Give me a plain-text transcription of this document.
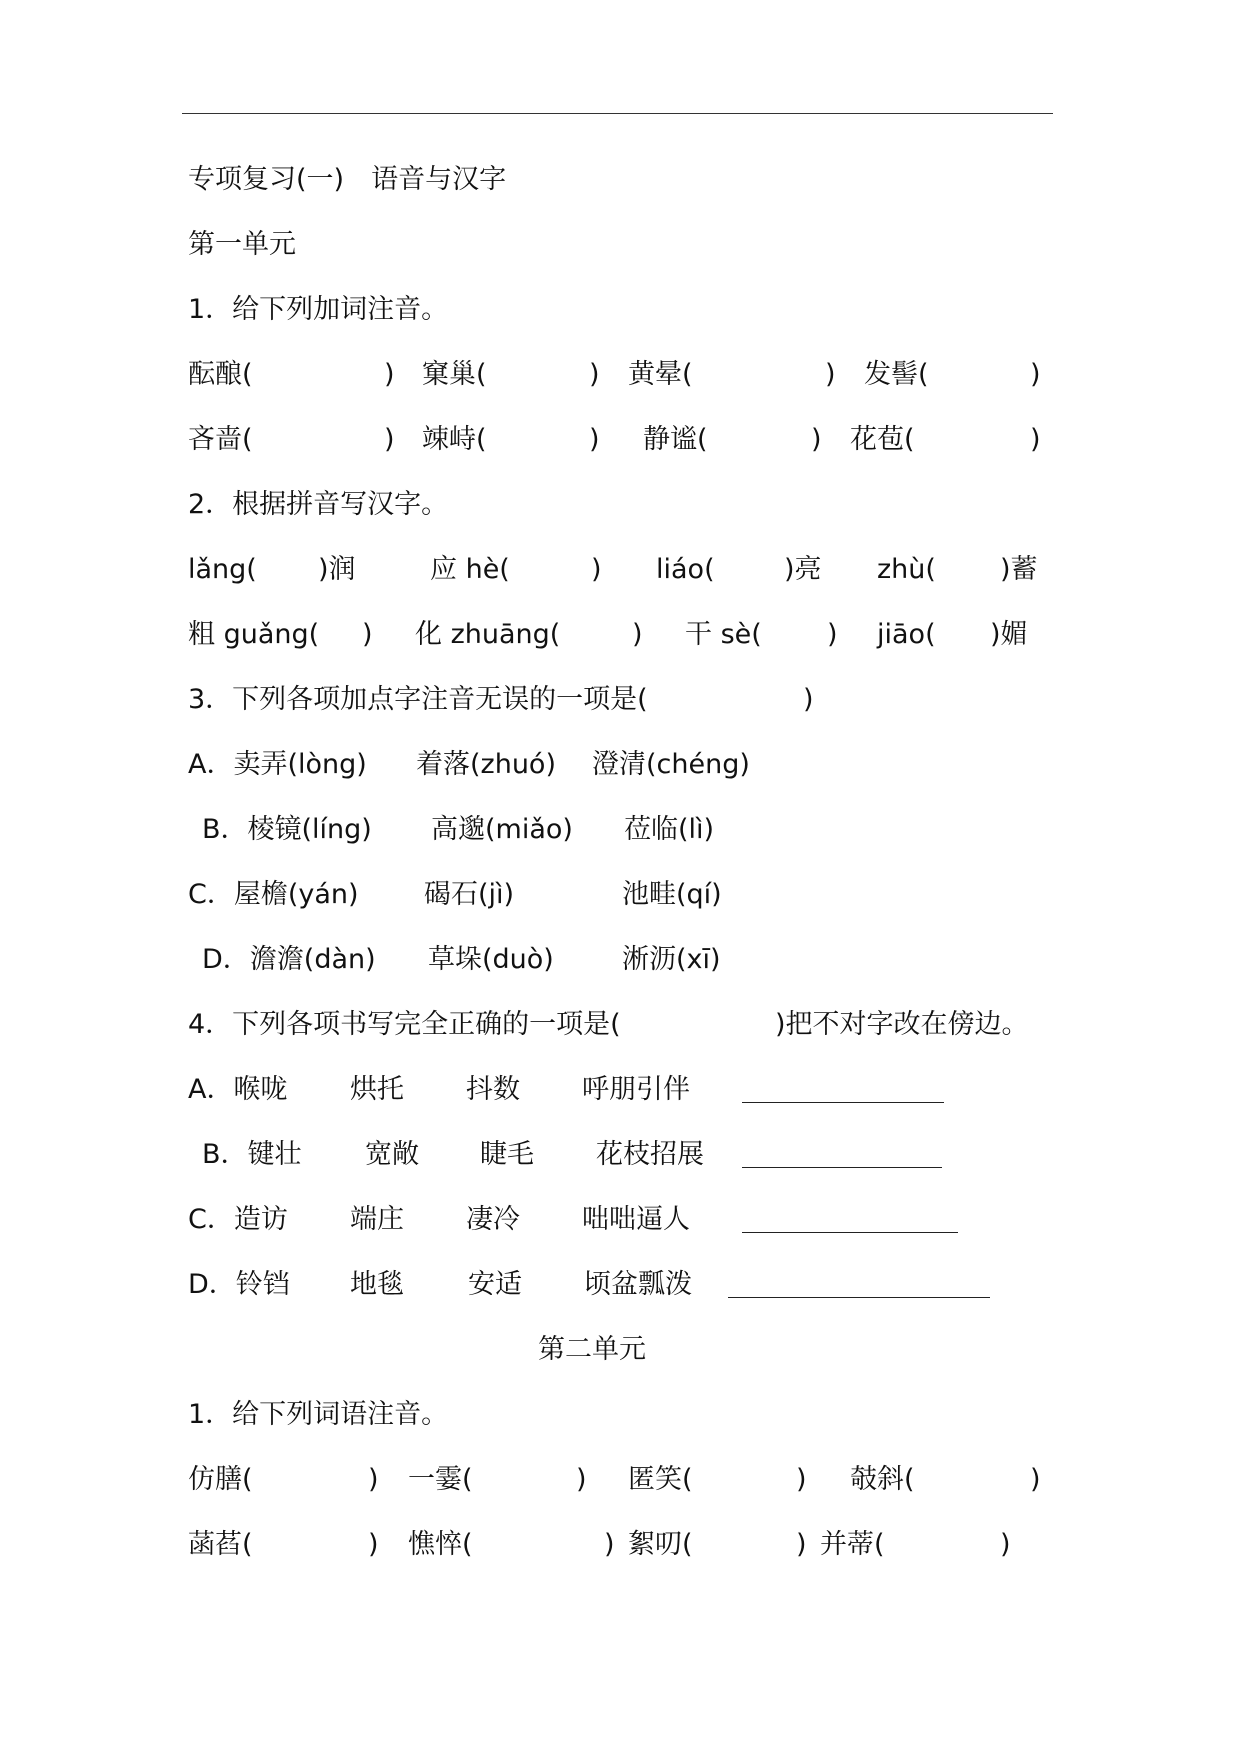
专项复习(一)　语音与汉字
第一单元
1．给下列加词注音。
酝酿(	) 窠巢(	) 黄晕(	) 发髻(	)
吝啬(	) 竦峙(	) 静谧(	) 花苞(	)
2．根据拼音写汉字。
lǎng( )润	应 hè(	) liáo(	)亮 zhù( )蓄
粗 guǎng( ) 化 zhuāng(	) 干 sè( ) jiāo( )媚
3．下列各项加点字注音无误的一项是(	)
A．卖弄(lòng) 着落(zhuó) 澄清(chéng)
B．棱镜(líng) 高邈(miǎo) 莅临(lì)
C．屋檐(yán) 碣石(jì)	池畦(qí)
D．澹澹(dàn) 草垛(duò)	淅沥(xī)
4．下列各项书写完全正确的一项是(	)把不对字改在傍边。
A．喉咙 烘托 抖数 呼朋引伴
B．键壮 宽敞 睫毛 花枝招展
C．造访 端庄 凄冷 咄咄逼人
D．铃铛 地毯 安适 顷盆瓢泼
第二单元
1．给下列词语注音。
仿膳(	) 一霎(	) 匿笑(	) 攲斜(	)
菡萏(	) 憔悴(	) 絮叨(	) 并蒂(	)
